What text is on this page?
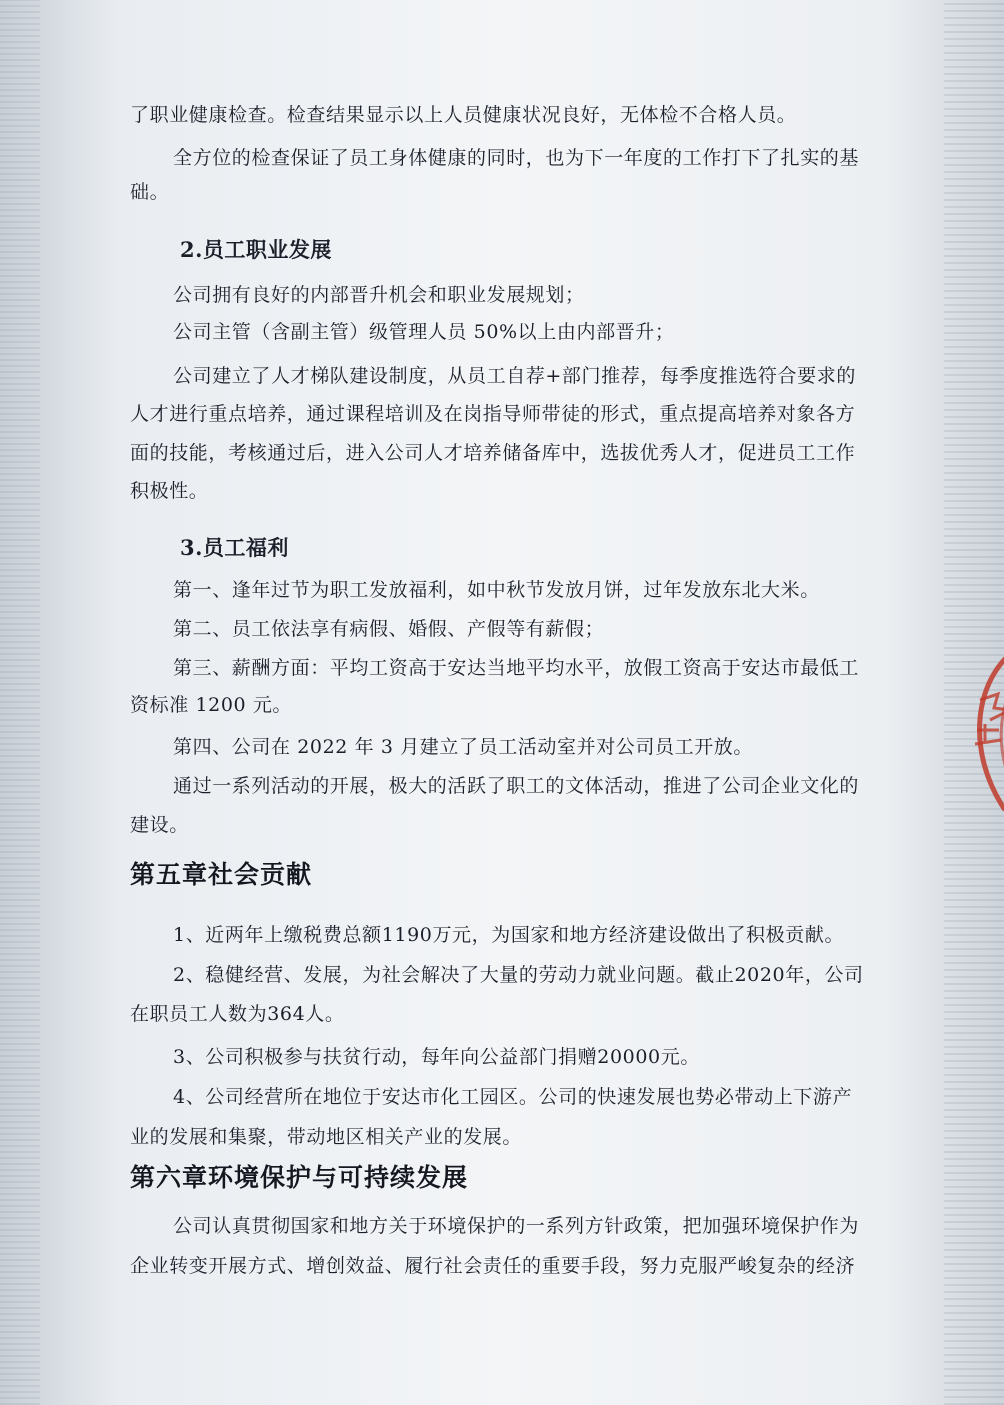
了职业健康检查。检查结果显示以上人员健康状况良好，无体检不合格人员。
全方位的检查保证了员工身体健康的同时，也为下一年度的工作打下了扎实的基
础。
2.员工职业发展
公司拥有良好的内部晋升机会和职业发展规划；
公司主管（含副主管）级管理人员 50%以上由内部晋升；
公司建立了人才梯队建设制度，从员工自荐+部门推荐，每季度推选符合要求的
人才进行重点培养，通过课程培训及在岗指导师带徒的形式，重点提高培养对象各方
面的技能，考核通过后，进入公司人才培养储备库中，选拔优秀人才，促进员工工作
积极性。
3.员工福利
第一、逢年过节为职工发放福利，如中秋节发放月饼，过年发放东北大米。
第二、员工依法享有病假、婚假、产假等有薪假；
第三、薪酬方面：平均工资高于安达当地平均水平，放假工资高于安达市最低工
资标准 1200 元。
第四、公司在 2022 年 3 月建立了员工活动室并对公司员工开放。
通过一系列活动的开展，极大的活跃了职工的文体活动，推进了公司企业文化的
建设。
第五章社会贡献
1、近两年上缴税费总额1190万元，为国家和地方经济建设做出了积极贡献。
2、稳健经营、发展，为社会解决了大量的劳动力就业问题。截止2020年，公司
在职员工人数为364人。
3、公司积极参与扶贫行动，每年向公益部门捐赠20000元。
4、公司经营所在地位于安达市化工园区。公司的快速发展也势必带动上下游产
业的发展和集聚，带动地区相关产业的发展。
第六章环境保护与可持续发展
公司认真贯彻国家和地方关于环境保护的一系列方针政策，把加强环境保护作为
企业转变开展方式、增创效益、履行社会责任的重要手段，努力克服严峻复杂的经济
